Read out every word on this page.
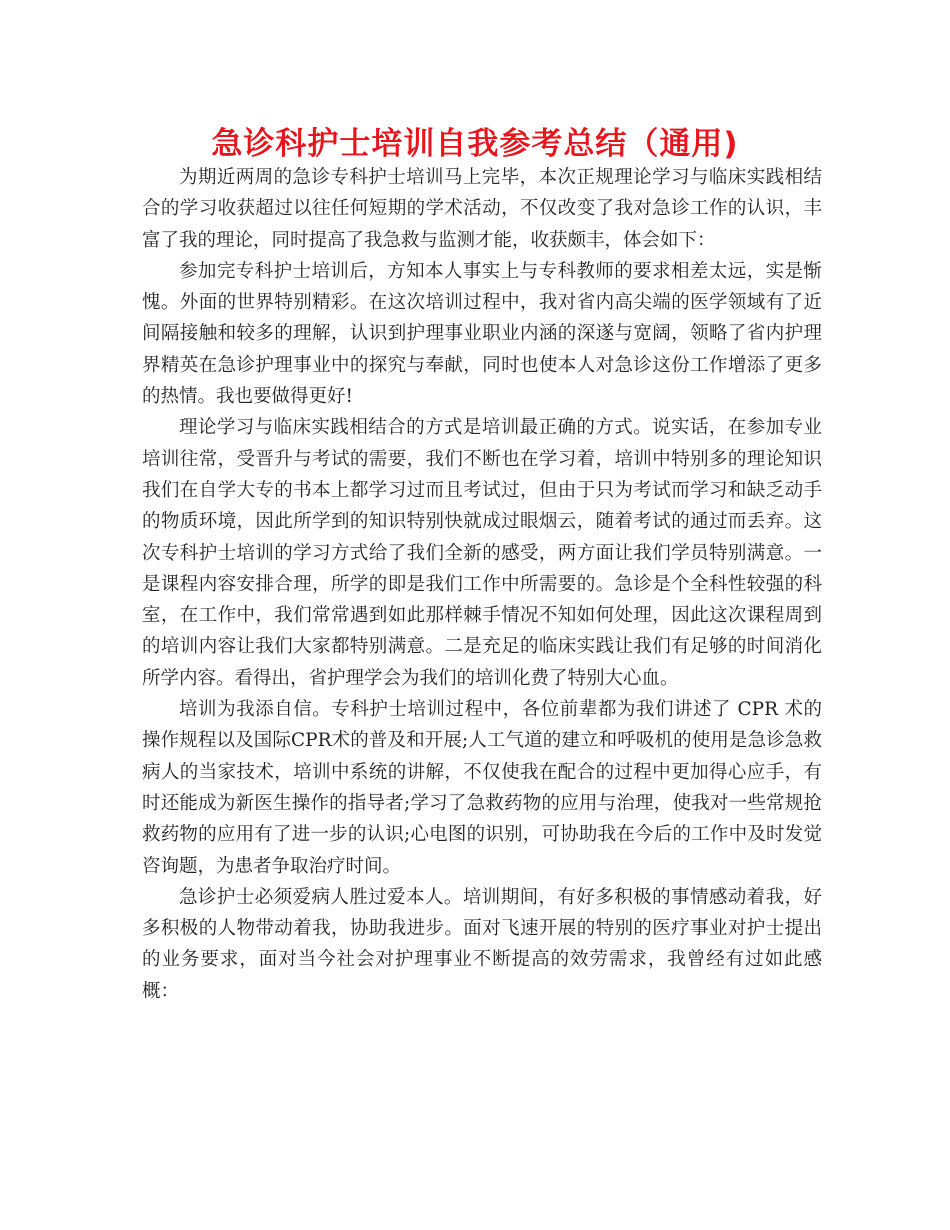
急诊科护士培训自我参考总结（通用)

为期近两周的急诊专科护士培训马上完毕，本次正规理论学习与临床实践相结合的学习收获超过以往任何短期的学术活动，不仅改变了我对急诊工作的认识，丰富了我的理论，同时提高了我急救与监测才能，收获颇丰，体会如下：

参加完专科护士培训后，方知本人事实上与专科教师的要求相差太远，实是惭愧。外面的世界特别精彩。在这次培训过程中，我对省内高尖端的医学领域有了近间隔接触和较多的理解，认识到护理事业职业内涵的深遂与宽阔，领略了省内护理界精英在急诊护理事业中的探究与奉献，同时也使本人对急诊这份工作增添了更多的热情。我也要做得更好!

理论学习与临床实践相结合的方式是培训最正确的方式。说实话，在参加专业培训往常，受晋升与考试的需要，我们不断也在学习着，培训中特别多的理论知识我们在自学大专的书本上都学习过而且考试过，但由于只为考试而学习和缺乏动手的物质环境，因此所学到的知识特别快就成过眼烟云，随着考试的通过而丢弃。这次专科护士培训的学习方式给了我们全新的感受，两方面让我们学员特别满意。一是课程内容安排合理，所学的即是我们工作中所需要的。急诊是个全科性较强的科室，在工作中，我们常常遇到如此那样棘手情况不知如何处理，因此这次课程周到的培训内容让我们大家都特别满意。二是充足的临床实践让我们有足够的时间消化所学内容。看得出，省护理学会为我们的培训化费了特别大心血。

培训为我添自信。专科护士培训过程中，各位前辈都为我们讲述了 CPR 术的操作规程以及国际CPR术的普及和开展;人工气道的建立和呼吸机的使用是急诊急救病人的当家技术，培训中系统的讲解，不仅使我在配合的过程中更加得心应手，有时还能成为新医生操作的指导者;学习了急救药物的应用与治理，使我对一些常规抢救药物的应用有了进一步的认识;心电图的识别，可协助我在今后的工作中及时发觉咨询题，为患者争取治疗时间。

急诊护士必须爱病人胜过爱本人。培训期间，有好多积极的事情感动着我，好多积极的人物带动着我，协助我进步。面对飞速开展的特别的医疗事业对护士提出的业务要求，面对当今社会对护理事业不断提高的效劳需求，我曾经有过如此感概：
